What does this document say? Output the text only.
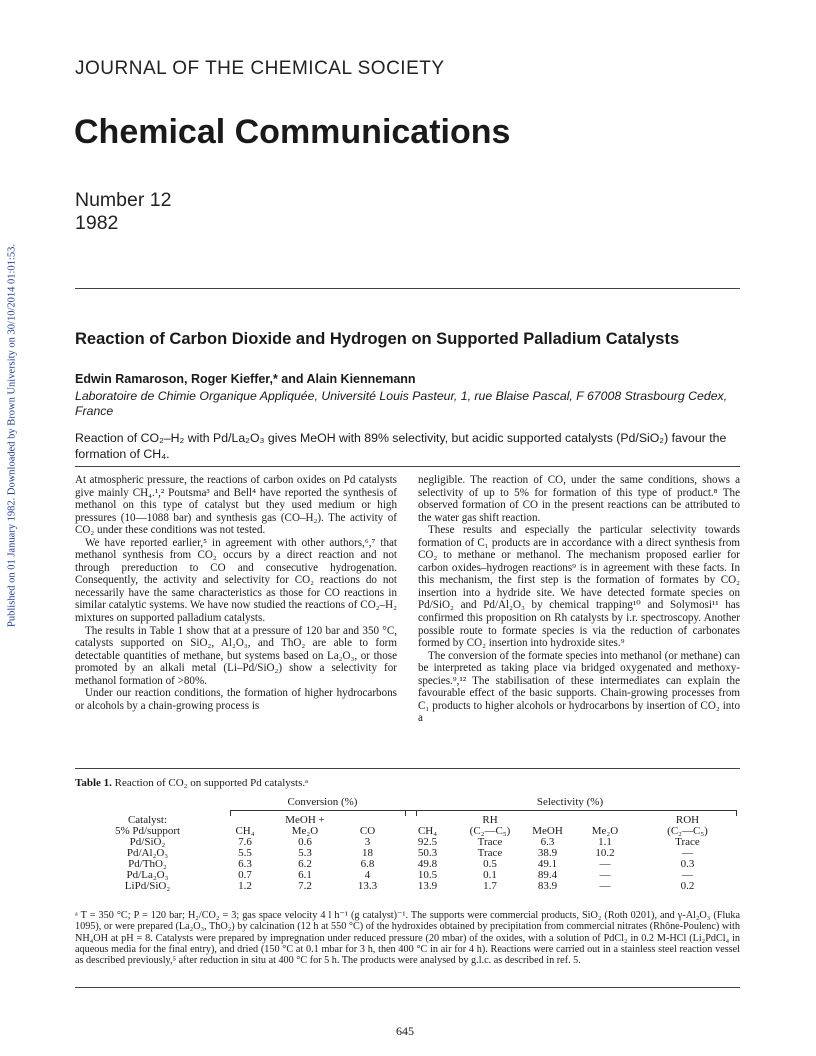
Published on 01 January 1982. Downloaded by Brown University on 30/10/2014 01:01:53.
JOURNAL OF THE CHEMICAL SOCIETY
Chemical Communications
Number 12
1982
Reaction of Carbon Dioxide and Hydrogen on Supported Palladium Catalysts
Edwin Ramaroson, Roger Kieffer,* and Alain Kiennemann
Laboratoire de Chimie Organique Appliquée, Université Louis Pasteur, 1, rue Blaise Pascal, F 67008 Strasbourg Cedex, France
Reaction of CO₂–H₂ with Pd/La₂O₃ gives MeOH with 89% selectivity, but acidic supported catalysts (Pd/SiO₂) favour the formation of CH₄.

At atmospheric pressure, the reactions of carbon oxides on Pd catalysts give mainly CH₄.¹,² Poutsma³ and Bell⁴ have reported the synthesis of methanol on this type of catalyst but they used medium or high pressures (10—1088 bar) and synthesis gas (CO–H₂). The activity of CO₂ under these conditions was not tested.

We have reported earlier,⁵ in agreement with other authors,⁶,⁷ that methanol synthesis from CO₂ occurs by a direct reaction and not through prereduction to CO and consecutive hydrogenation. Consequently, the activity and selectivity for CO₂ reactions do not necessarily have the same characteristics as those for CO reactions in similar catalytic systems. We have now studied the reactions of CO₂–H₂ mixtures on supported palladium catalysts.

The results in Table 1 show that at a pressure of 120 bar and 350 °C, catalysts supported on SiO₂, Al₂O₃, and ThO₂ are able to form detectable quantities of methane, but systems based on La₂O₃, or those promoted by an alkali metal (Li–Pd/SiO₂) show a selectivity for methanol formation of >80%.

Under our reaction conditions, the formation of higher hydrocarbons or alcohols by a chain-growing process is

negligible. The reaction of CO, under the same conditions, shows a selectivity of up to 5% for formation of this type of product.⁸ The observed formation of CO in the present reactions can be attributed to the water gas shift reaction.

These results and especially the particular selectivity towards formation of C₁ products are in accordance with a direct synthesis from CO₂ to methane or methanol. The mechanism proposed earlier for carbon oxides–hydrogen reactions⁹ is in agreement with these facts. In this mechanism, the first step is the formation of formates by CO₂ insertion into a hydride site. We have detected formate species on Pd/SiO₂ and Pd/Al₂O₃ by chemical trapping¹⁰ and Solymosi¹¹ has confirmed this proposition on Rh catalysts by i.r. spectroscopy. Another possible route to formate species is via the reduction of carbonates formed by CO₂ insertion into hydroxide sites.⁹

The conversion of the formate species into methanol (or methane) can be interpreted as taking place via bridged oxygenated and methoxy-species.⁹,¹² The stabilisation of these intermediates can explain the favourable effect of the basic supports. Chain-growing processes from C₁ products to higher alcohols or hydrocarbons by insertion of CO₂ into a

Table 1. Reaction of CO₂ on supported Pd catalysts.ᵃ
Conversion (%)	Selectivity (%)
Catalyst:		MeOH +			RH			ROH
5% Pd/support	CH₄	Me₂O	CO	CH₄	(C₂—C₅)	MeOH	Me₂O	(C₂—C₅)
Pd/SiO₂	7.6	0.6	3	92.5	Trace	6.3	1.1	Trace
Pd/Al₂O₃	5.5	5.3	18	50.3	Trace	38.9	10.2	—
Pd/ThO₂	6.3	6.2	6.8	49.8	0.5	49.1	—	0.3
Pd/La₂O₃	0.7	6.1	4	10.5	0.1	89.4	—	—
LiPd/SiO₂	1.2	7.2	13.3	13.9	1.7	83.9	—	0.2
ᵃ T = 350 °C; P = 120 bar; H₂/CO₂ = 3; gas space velocity 4 l h⁻¹ (g catalyst)⁻¹. The supports were commercial products, SiO₂ (Roth 0201), and γ-Al₂O₃ (Fluka 1095), or were prepared (La₂O₃, ThO₂) by calcination (12 h at 550 °C) of the hydroxides obtained by precipitation from commercial nitrates (Rhône-Poulenc) with NH₄OH at pH = 8. Catalysts were prepared by impregnation under reduced pressure (20 mbar) of the oxides, with a solution of PdCl₂ in 0.2 M-HCl (Li₂PdCl₄ in aqueous media for the final entry), and dried (150 °C at 0.1 mbar for 3 h, then 400 °C in air for 4 h). Reactions were carried out in a stainless steel reaction vessel as described previously,⁵ after reduction in situ at 400 °C for 5 h. The products were analysed by g.l.c. as described in ref. 5.
645
